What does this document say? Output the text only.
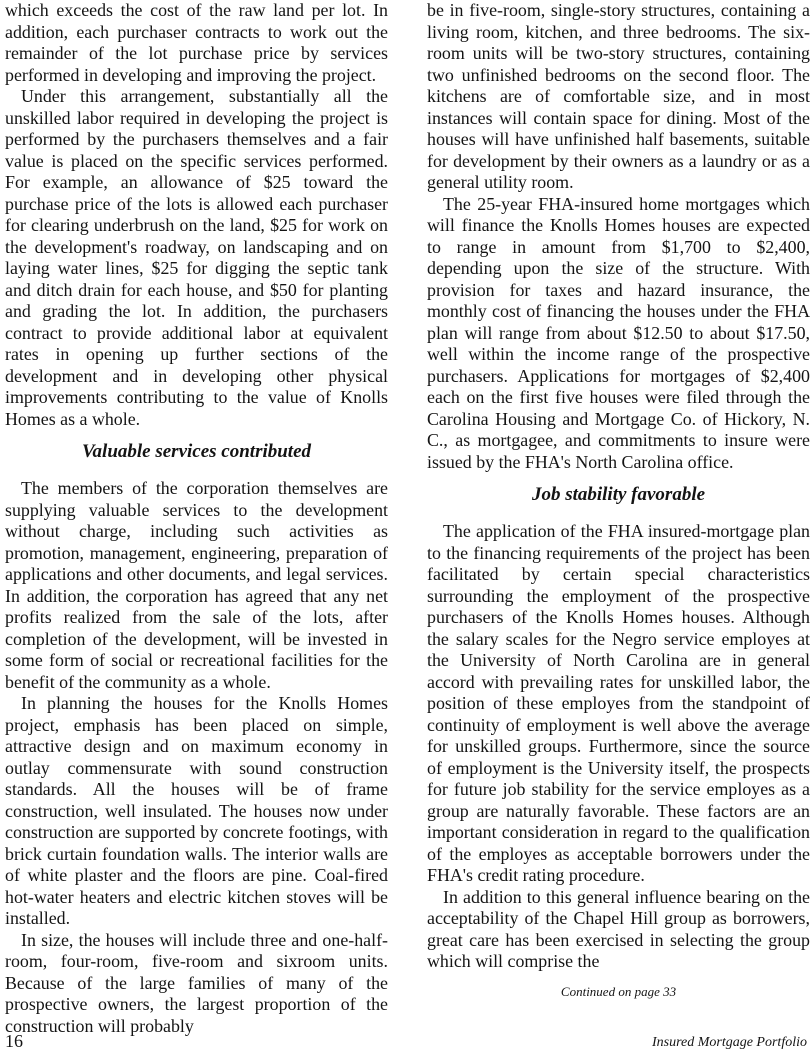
which exceeds the cost of the raw land per lot. In addition, each purchaser contracts to work out the remainder of the lot purchase price by services performed in developing and improving the project.

Under this arrangement, substantially all the unskilled labor required in developing the project is performed by the purchasers themselves and a fair value is placed on the specific services performed. For example, an allowance of $25 toward the purchase price of the lots is allowed each purchaser for clearing underbrush on the land, $25 for work on the development's roadway, on landscaping and on laying water lines, $25 for digging the septic tank and ditch drain for each house, and $50 for planting and grading the lot. In addition, the purchasers contract to provide additional labor at equivalent rates in opening up further sections of the development and in developing other physical improvements contributing to the value of Knolls Homes as a whole.

Valuable services contributed

The members of the corporation themselves are supplying valuable services to the development without charge, including such activities as promotion, management, engineering, preparation of applications and other documents, and legal services. In addition, the corporation has agreed that any net profits realized from the sale of the lots, after completion of the development, will be invested in some form of social or recreational facilities for the benefit of the community as a whole.

In planning the houses for the Knolls Homes project, emphasis has been placed on simple, attractive design and on maximum economy in outlay commensurate with sound construction standards. All the houses will be of frame construction, well insulated. The houses now under construction are supported by concrete footings, with brick curtain foundation walls. The interior walls are of white plaster and the floors are pine. Coal-fired hot-water heaters and electric kitchen stoves will be installed.

In size, the houses will include three and one-half-room, four-room, five-room and sixroom units. Because of the large families of many of the prospective owners, the largest proportion of the construction will probably

be in five-room, single-story structures, containing a living room, kitchen, and three bedrooms. The six-room units will be two-story structures, containing two unfinished bedrooms on the second floor. The kitchens are of comfortable size, and in most instances will contain space for dining. Most of the houses will have unfinished half basements, suitable for development by their owners as a laundry or as a general utility room.

The 25-year FHA-insured home mortgages which will finance the Knolls Homes houses are expected to range in amount from $1,700 to $2,400, depending upon the size of the structure. With provision for taxes and hazard insurance, the monthly cost of financing the houses under the FHA plan will range from about $12.50 to about $17.50, well within the income range of the prospective purchasers. Applications for mortgages of $2,400 each on the first five houses were filed through the Carolina Housing and Mortgage Co. of Hickory, N. C., as mortgagee, and commitments to insure were issued by the FHA's North Carolina office.

Job stability favorable

The application of the FHA insured-mortgage plan to the financing requirements of the project has been facilitated by certain special characteristics surrounding the employment of the prospective purchasers of the Knolls Homes houses. Although the salary scales for the Negro service employes at the University of North Carolina are in general accord with prevailing rates for unskilled labor, the position of these employes from the standpoint of continuity of employment is well above the average for unskilled groups. Furthermore, since the source of employment is the University itself, the prospects for future job stability for the service employes as a group are naturally favorable. These factors are an important consideration in regard to the qualification of the employes as acceptable borrowers under the FHA's credit rating procedure.

In addition to this general influence bearing on the acceptability of the Chapel Hill group as borrowers, great care has been exercised in selecting the group which will comprise the

Continued on page 33

16	Insured Mortgage Portfolio
